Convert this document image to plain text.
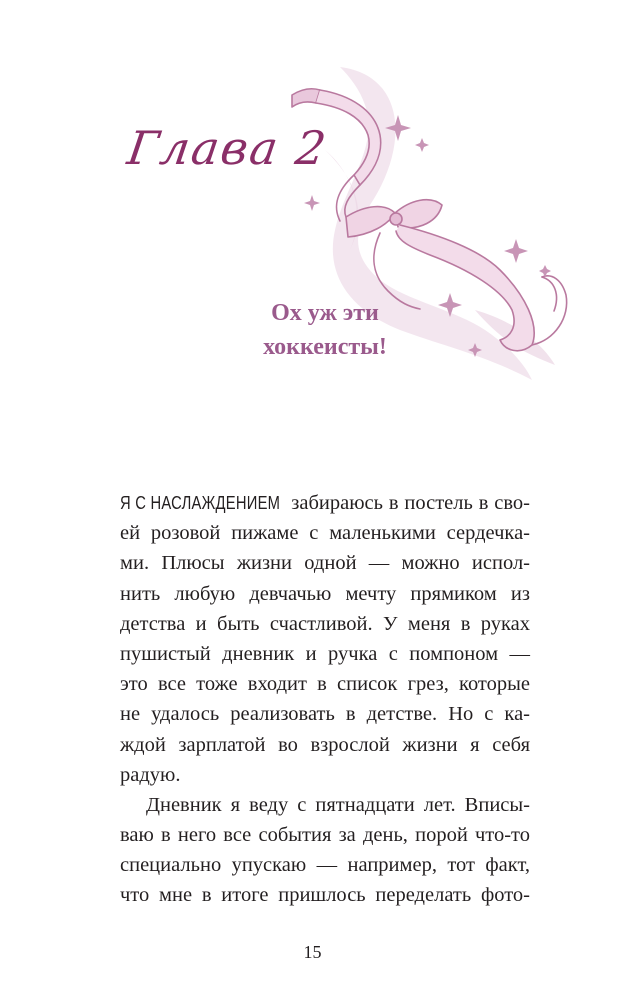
Глава 2
Ох уж эти
хоккеисты!
Я С НАСЛАЖДЕНИЕМ забираюсь в постель в сво-
ей розовой пижаме с маленькими сердечка-
ми. Плюсы жизни одной — можно испол-
нить любую девчачью мечту прямиком из
детства и быть счастливой. У меня в руках
пушистый дневник и ручка с помпоном —
это все тоже входит в список грез, которые
не удалось реализовать в детстве. Но с ка-
ждой зарплатой во взрослой жизни я себя
радую.
Дневник я веду с пятнадцати лет. Вписы-
ваю в него все события за день, порой что-то
специально упускаю — например, тот факт,
что мне в итоге пришлось переделать фото-
15
